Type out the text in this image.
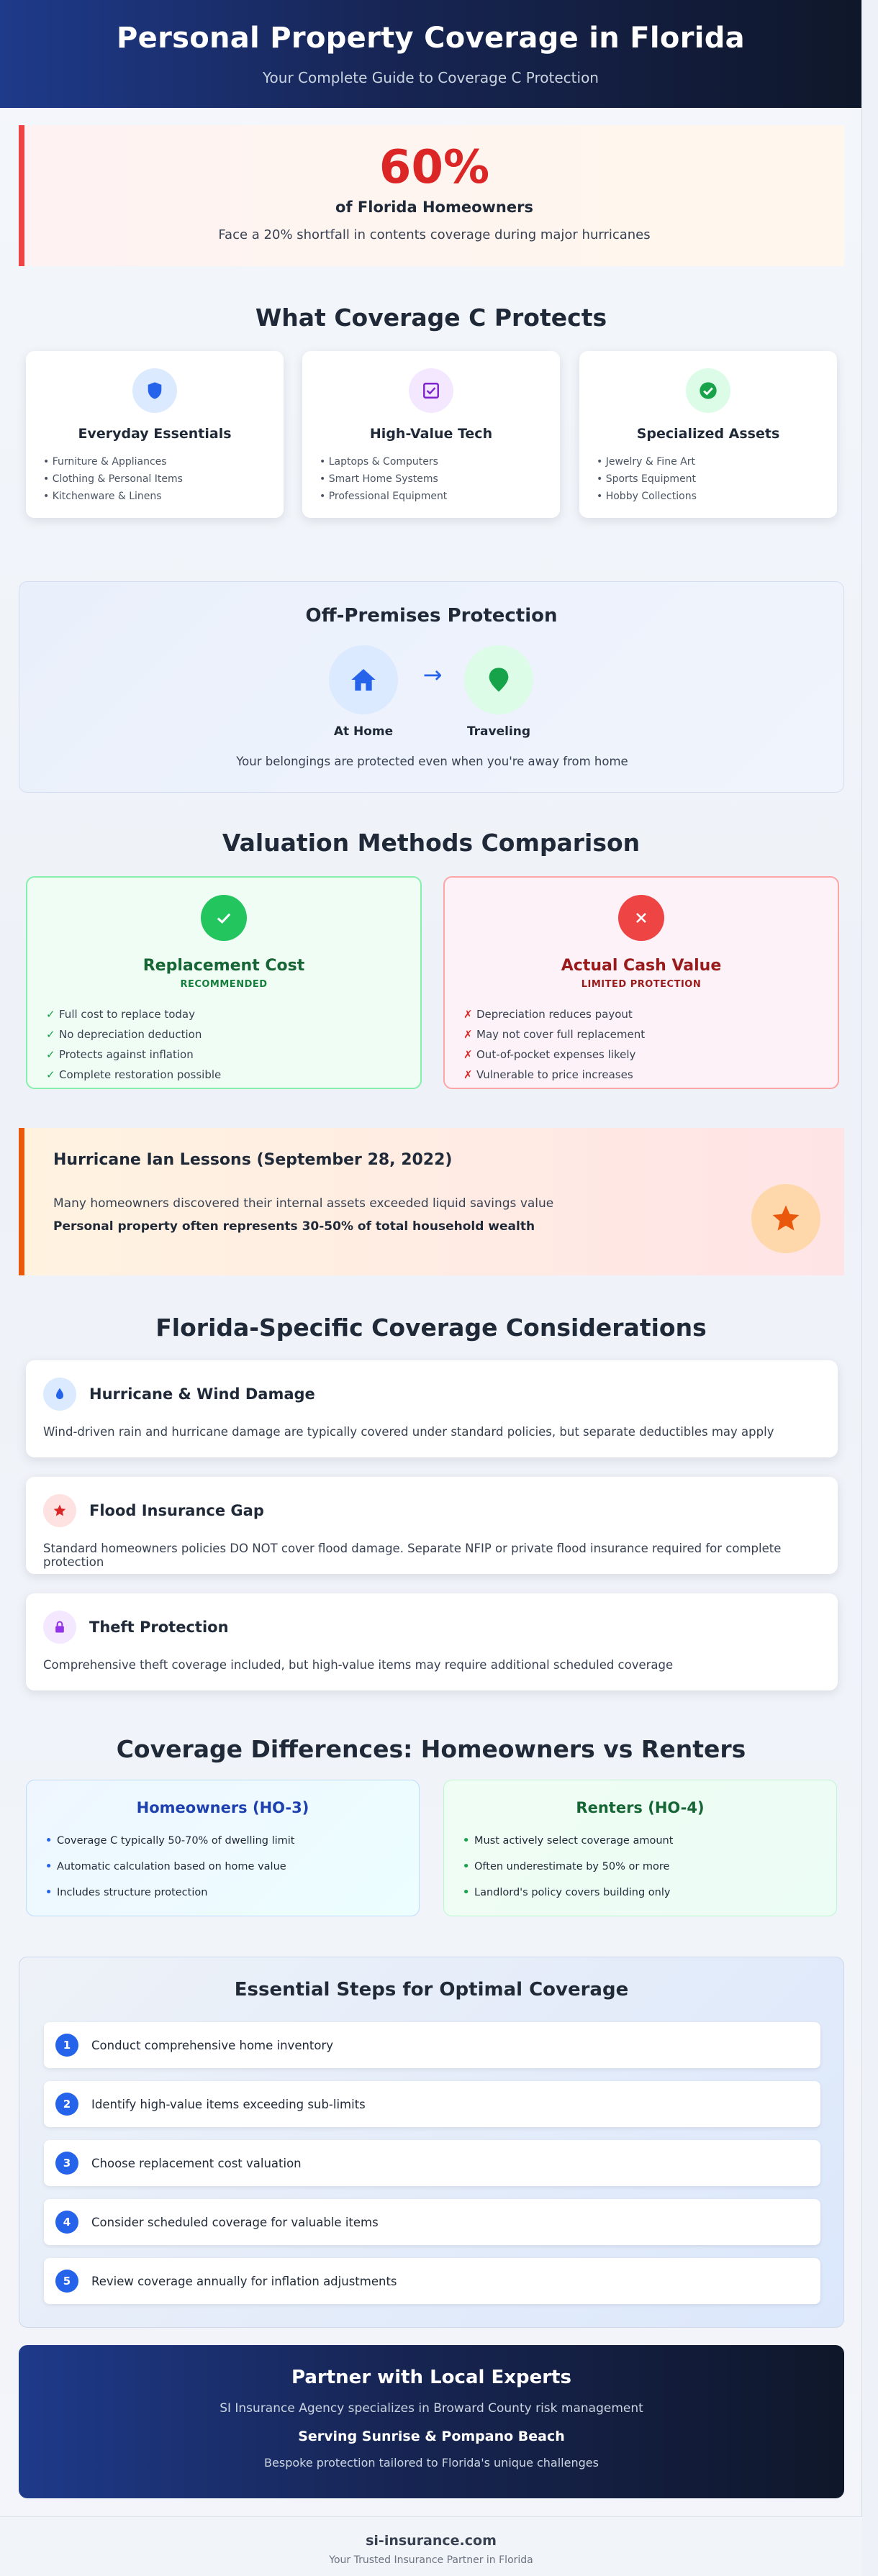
Personal Property Coverage in Florida

Your Complete Guide to Coverage C Protection

60%
of Florida Homeowners
Face a 20% shortfall in contents coverage during major hurricanes
What Coverage C Protects
Everyday Essentials
• Furniture & Appliances
• Clothing & Personal Items
• Kitchenware & Linens
High-Value Tech
• Laptops & Computers
• Smart Home Systems
• Professional Equipment
Specialized Assets
• Jewelry & Fine Art
• Sports Equipment
• Hobby Collections
Off-Premises Protection
→
At Home	Traveling
Your belongings are protected even when you're away from home
Valuation Methods Comparison
Replacement Cost
RECOMMENDED
✓ Full cost to replace today
✓ No depreciation deduction
✓ Protects against inflation
✓ Complete restoration possible
Actual Cash Value
LIMITED PROTECTION
✗ Depreciation reduces payout
✗ May not cover full replacement
✗ Out-of-pocket expenses likely
✗ Vulnerable to price increases
Hurricane Ian Lessons (September 28, 2022)

Many homeowners discovered their internal assets exceeded liquid savings value

Personal property often represents 30-50% of total household wealth

Florida-Specific Coverage Considerations
Hurricane & Wind Damage

Wind-driven rain and hurricane damage are typically covered under standard policies, but separate deductibles may apply

Flood Insurance Gap

Standard homeowners policies DO NOT cover flood damage. Separate NFIP or private flood insurance required for complete protection

Theft Protection

Comprehensive theft coverage included, but high-value items may require additional scheduled coverage

Coverage Differences: Homeowners vs Renters
Homeowners (HO-3)
• Coverage C typically 50-70% of dwelling limit
• Automatic calculation based on home value
• Includes structure protection
Renters (HO-4)
• Must actively select coverage amount
• Often underestimate by 50% or more
• Landlord's policy covers building only
Essential Steps for Optimal Coverage
1	Conduct comprehensive home inventory
2	Identify high-value items exceeding sub-limits
3	Choose replacement cost valuation
4	Consider scheduled coverage for valuable items
5	Review coverage annually for inflation adjustments
Partner with Local Experts
SI Insurance Agency specializes in Broward County risk management
Serving Sunrise & Pompano Beach
Bespoke protection tailored to Florida's unique challenges
si-insurance.com
Your Trusted Insurance Partner in Florida
